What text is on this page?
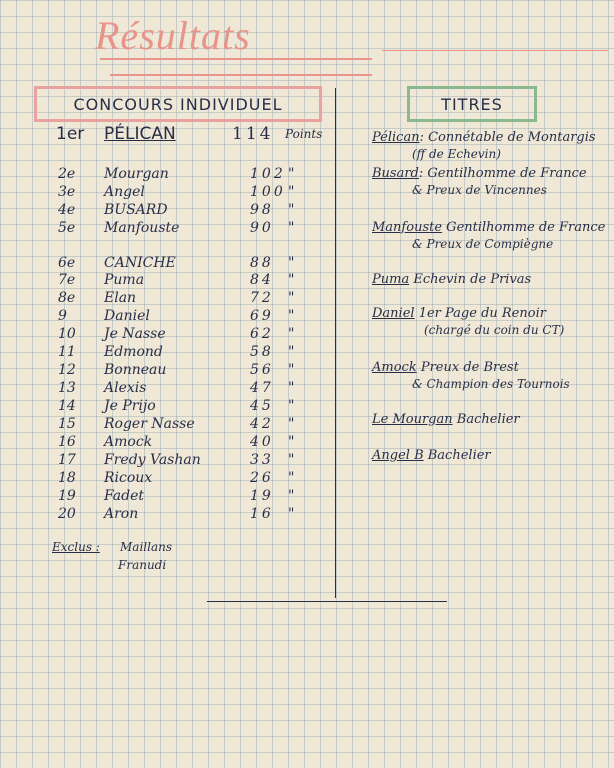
Résultats
CONCOURS INDIVIDUEL	TITRES
1er PÉLICAN	114 Points
2e Mourgan	102 "
3e Angel	100 "
4e BUSARD	98 "
5e Manfouste	90 "
6e CANICHE	88 "
7e Puma	84 "
8e Elan	72 "
9	Daniel	69 "
10 Je Nasse	62 "
11 Edmond	58 "
12 Bonneau	56 "
13 Alexis	47 "
14 Je Prijo	45 "
15 Roger Nasse	42 "
16 Amock	40 "
17 Fredy Vashan	33 "
18 Ricoux	26 "
19 Fadet	19 "
20 Aron	16 "
Exclus : Maillans
Franudi
Pélican: Connétable de Montargis
(ff de Echevin)
Busard: Gentilhomme de France
& Preux de Vincennes
Manfouste Gentilhomme de France
& Preux de Compiègne
Puma Echevin de Privas
Daniel 1er Page du Renoir
(chargé du coin du CT)
Amock Preux de Brest
& Champion des Tournois
Le Mourgan Bachelier
Angel B Bachelier
